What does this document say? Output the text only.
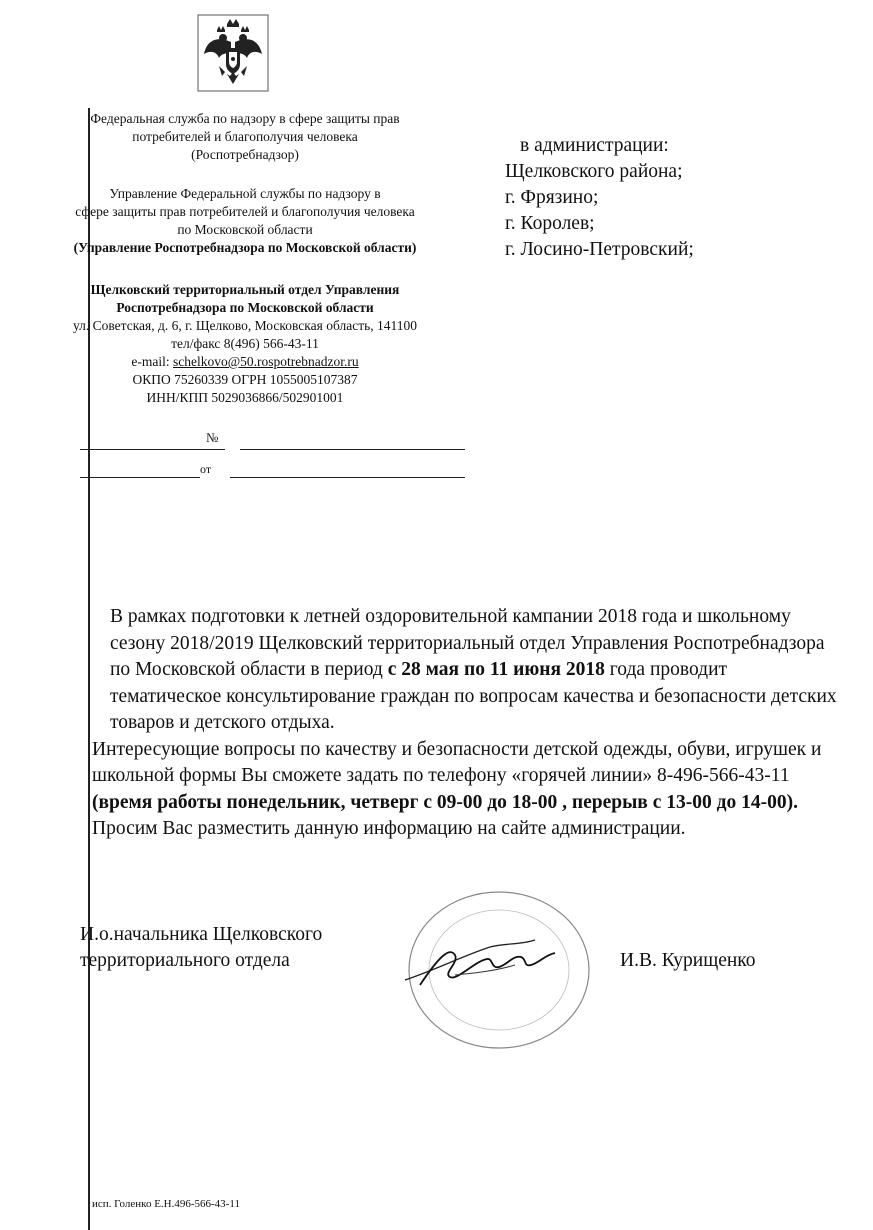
Федеральная служба по надзору в сфере защиты прав
потребителей и благополучия человека
(Роспотребнадзор)
Управление Федеральной службы по надзору в
сфере защиты прав потребителей и благополучия человека
по Московской области
(Управление Роспотребнадзора по Московской области)
Щелковский территориальный отдел Управления
Роспотребнадзора по Московской области
ул. Советская, д. 6, г. Щелково, Московская область, 141100
тел/факс 8(496) 566-43-11
e-mail: schelkovo@50.rospotrebnadzor.ru
ОКПО 75260339 ОГРН 1055005107387
ИНН/КПП 5029036866/502901001
№
от
в администрации:
Щелковского района;
г. Фрязино;
г. Королев;
г. Лосино-Петровский;

В рамках подготовки к летней оздоровительной кампании 2018 года и школьному сезону 2018/2019 Щелковский территориальный отдел Управления Роспотребнадзора по Московской области в период с 28 мая по 11 июня 2018 года проводит тематическое консультирование граждан по вопросам качества и безопасности детских товаров и детского отдыха.

Интересующие вопросы по качеству и безопасности детской одежды, обуви, игрушек и школьной формы Вы сможете задать по телефону «горячей линии» 8-496-566-43-11 (время работы понедельник, четверг с 09-00 до 18-00 , перерыв с 13-00 до 14-00). Просим Вас разместить данную информацию на сайте администрации.

И.о.начальника Щелковского
территориального отдела	И.В. Курищенко
исп. Голенко Е.Н.496-566-43-11
